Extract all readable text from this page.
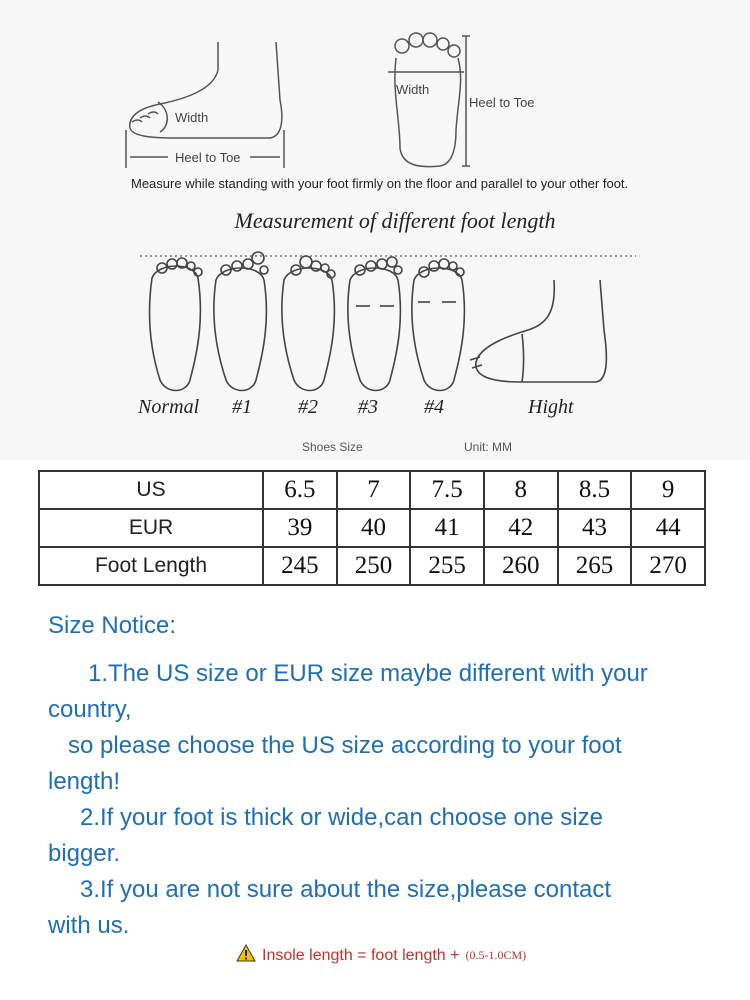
Width
Heel to Toe
Width
Heel to Toe
Measure while standing with your foot firmly on the floor and parallel to your other foot.
Measurement of different foot length
Normal #1 #2 #3 #4	Hight
Shoes Size	Unit: MM
US	6.5	7	7.5	8	8.5	9
EUR	39	40	41	42	43	44
Foot Length	245	250	255	260	265	270

Size Notice:

1.The US size or EUR size maybe different with your

country,

so please choose the US size according to your foot

length!

2.If your foot is thick or wide,can choose one size

bigger.

3.If you are not sure about the size,please contact

with us.

Insole length = foot length + (0.5-1.0CM)
